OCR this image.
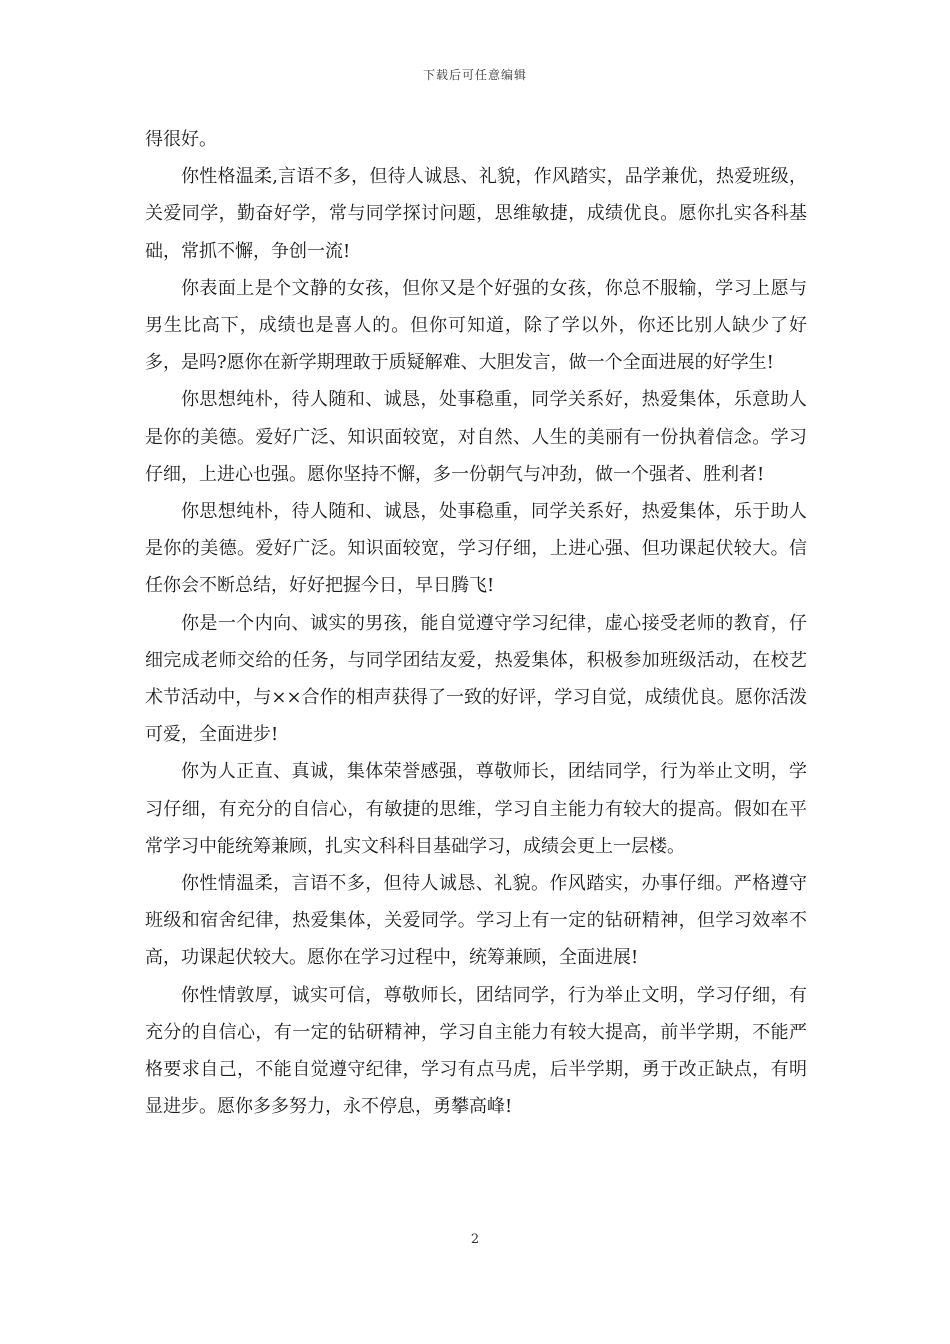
下载后可任意编辑

得很好。

你性格温柔,言语不多，但待人诚恳、礼貌，作风踏实，品学兼优，热爱班级，关爱同学，勤奋好学，常与同学探讨问题，思维敏捷，成绩优良。愿你扎实各科基础，常抓不懈，争创一流!

你表面上是个文静的女孩，但你又是个好强的女孩，你总不服输，学习上愿与男生比高下，成绩也是喜人的。但你可知道，除了学以外，你还比别人缺少了好多，是吗?愿你在新学期理敢于质疑解难、大胆发言，做一个全面进展的好学生!

你思想纯朴，待人随和、诚恳，处事稳重，同学关系好，热爱集体，乐意助人是你的美德。爱好广泛、知识面较宽，对自然、人生的美丽有一份执着信念。学习仔细，上进心也强。愿你坚持不懈，多一份朝气与冲劲，做一个强者、胜利者!

你思想纯朴，待人随和、诚恳，处事稳重，同学关系好，热爱集体，乐于助人是你的美德。爱好广泛。知识面较宽，学习仔细，上进心强、但功课起伏较大。信任你会不断总结，好好把握今日，早日腾飞!

你是一个内向、诚实的男孩，能自觉遵守学习纪律，虚心接受老师的教育，仔细完成老师交给的任务，与同学团结友爱，热爱集体，积极参加班级活动，在校艺术节活动中，与××合作的相声获得了一致的好评，学习自觉，成绩优良。愿你活泼可爱，全面进步!

你为人正直、真诚，集体荣誉感强，尊敬师长，团结同学，行为举止文明，学习仔细，有充分的自信心，有敏捷的思维，学习自主能力有较大的提高。假如在平常学习中能统筹兼顾，扎实文科科目基础学习，成绩会更上一层楼。

你性情温柔，言语不多，但待人诚恳、礼貌。作风踏实，办事仔细。严格遵守班级和宿舍纪律，热爱集体，关爱同学。学习上有一定的钻研精神，但学习效率不高，功课起伏较大。愿你在学习过程中，统筹兼顾，全面进展!

你性情敦厚，诚实可信，尊敬师长，团结同学，行为举止文明，学习仔细，有充分的自信心，有一定的钻研精神，学习自主能力有较大提高，前半学期，不能严格要求自己，不能自觉遵守纪律，学习有点马虎，后半学期，勇于改正缺点，有明显进步。愿你多多努力，永不停息，勇攀高峰!

2
